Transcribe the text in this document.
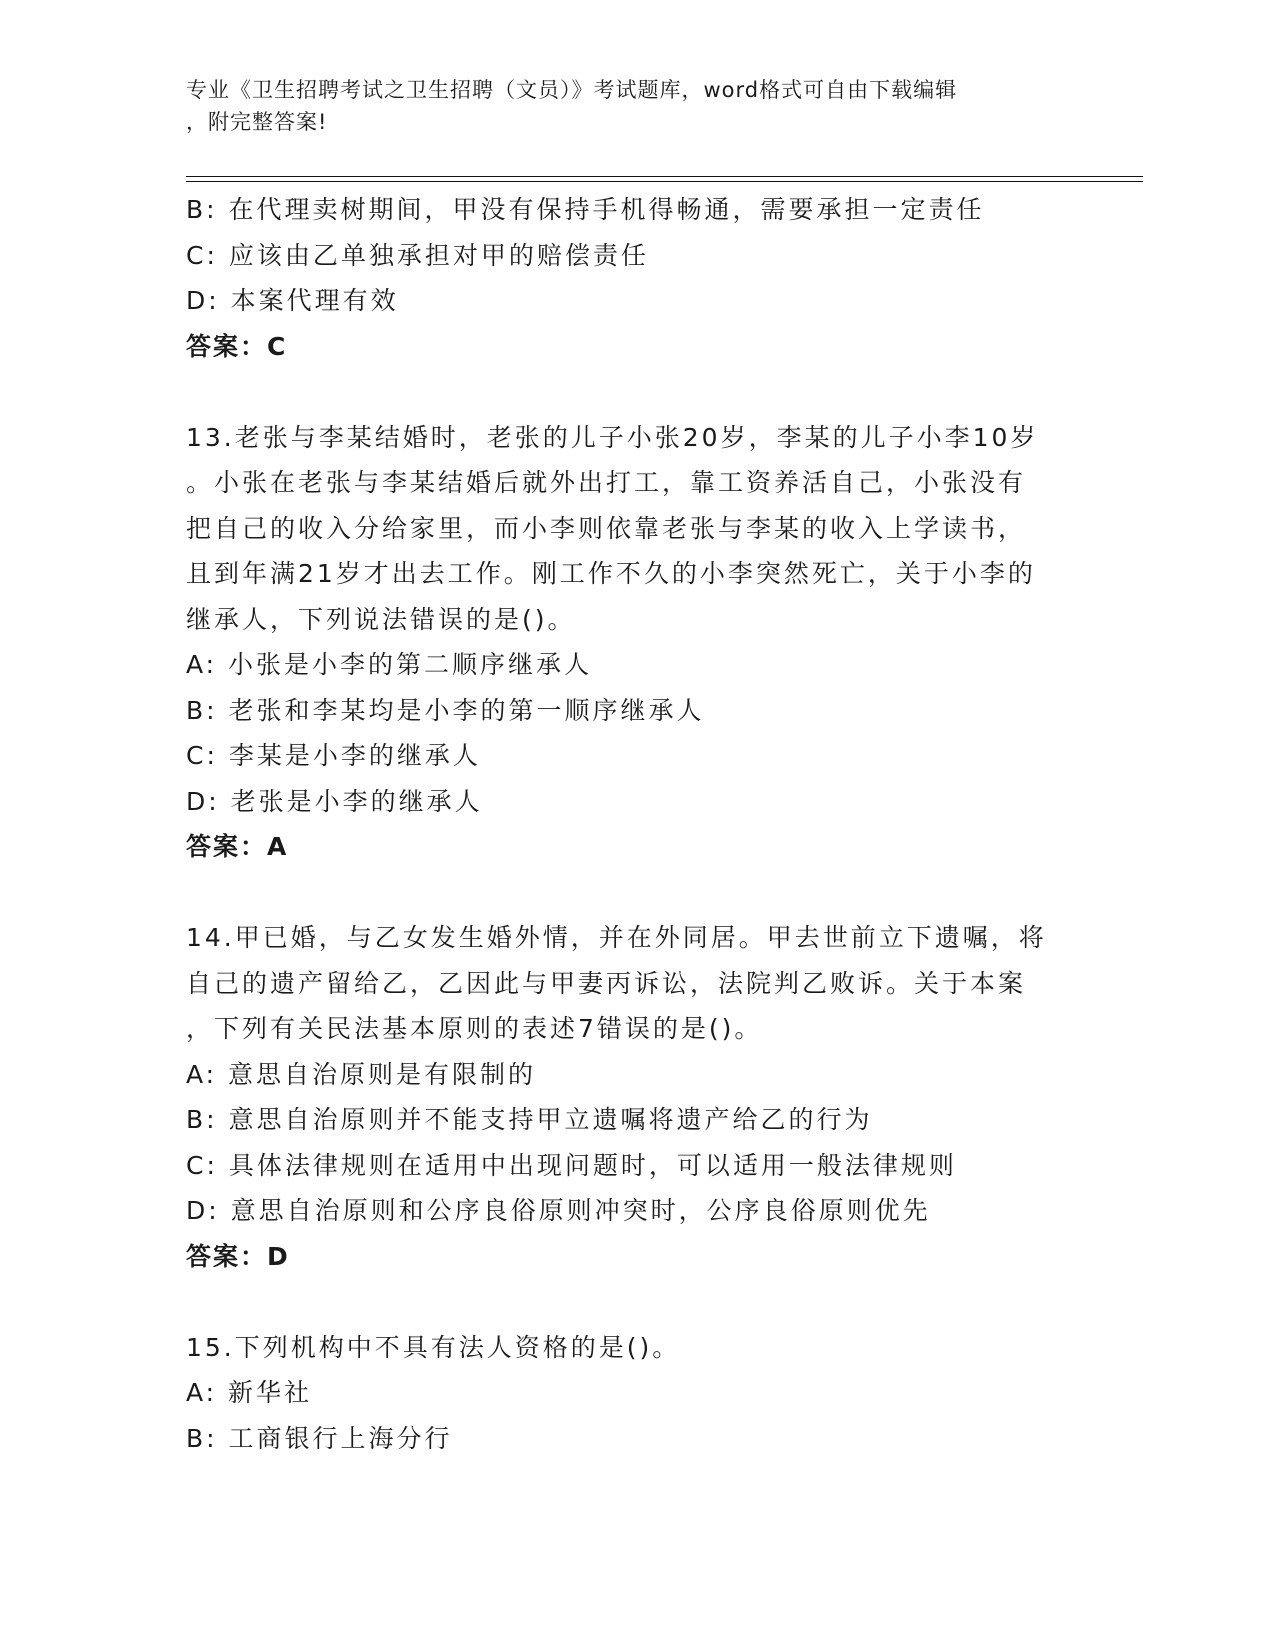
专业《卫生招聘考试之卫生招聘（文员）》考试题库，word格式可自由下载编辑
，附完整答案!
B: 在代理卖树期间，甲没有保持手机得畅通，需要承担一定责任
C: 应该由乙单独承担对甲的赔偿责任
D: 本案代理有效
答案：C
13.老张与李某结婚时，老张的儿子小张20岁，李某的儿子小李10岁
。小张在老张与李某结婚后就外出打工，靠工资养活自己，小张没有
把自己的收入分给家里，而小李则依靠老张与李某的收入上学读书，
且到年满21岁才出去工作。刚工作不久的小李突然死亡，关于小李的
继承人，下列说法错误的是()。
A: 小张是小李的第二顺序继承人
B: 老张和李某均是小李的第一顺序继承人
C: 李某是小李的继承人
D: 老张是小李的继承人
答案：A
14.甲已婚，与乙女发生婚外情，并在外同居。甲去世前立下遗嘱，将
自己的遗产留给乙，乙因此与甲妻丙诉讼，法院判乙败诉。关于本案
，下列有关民法基本原则的表述7错误的是()。
A: 意思自治原则是有限制的
B: 意思自治原则并不能支持甲立遗嘱将遗产给乙的行为
C: 具体法律规则在适用中出现问题时，可以适用一般法律规则
D: 意思自治原则和公序良俗原则冲突时，公序良俗原则优先
答案：D
15.下列机构中不具有法人资格的是()。
A: 新华社
B: 工商银行上海分行
